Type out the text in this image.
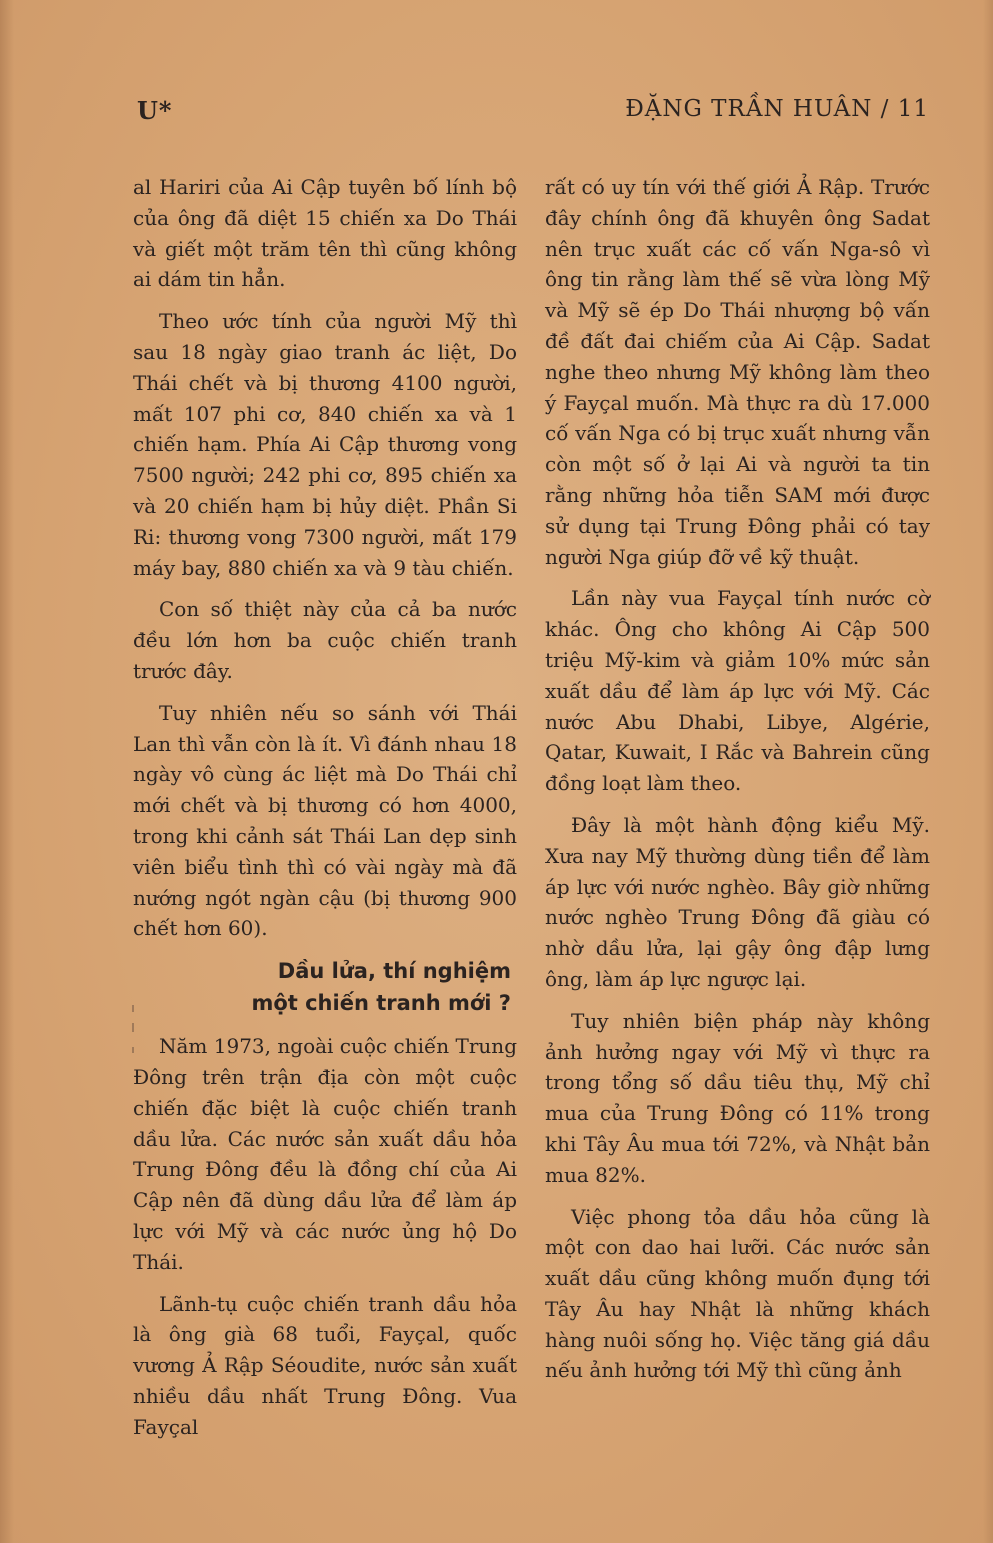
U*	ĐẶNG TRẦN HUÂN / 11

al Hariri của Ai Cập tuyên bố lính bộ của ông đã diệt 15 chiến xa Do Thái và giết một trăm tên thì cũng không ai dám tin hẳn.

Theo ước tính của người Mỹ thì sau 18 ngày giao tranh ác liệt, Do Thái chết và bị thương 4100 người, mất 107 phi cơ, 840 chiến xa và 1 chiến hạm. Phía Ai Cập thương vong 7500 người; 242 phi cơ, 895 chiến xa và 20 chiến hạm bị hủy diệt. Phần Si Ri: thương vong 7300 người, mất 179 máy bay, 880 chiến xa và 9 tàu chiến.

Con số thiệt này của cả ba nước đều lớn hơn ba cuộc chiến tranh trước đây.

Tuy nhiên nếu so sánh với Thái Lan thì vẫn còn là ít. Vì đánh nhau 18 ngày vô cùng ác liệt mà Do Thái chỉ mới chết và bị thương có hơn 4000, trong khi cảnh sát Thái Lan dẹp sinh viên biểu tình thì có vài ngày mà đã nướng ngót ngàn cậu (bị thương 900 chết hơn 60).

Dầu lửa, thí nghiệm
một chiến tranh mới ?

Năm 1973, ngoài cuộc chiến Trung Đông trên trận địa còn một cuộc chiến đặc biệt là cuộc chiến tranh dầu lửa. Các nước sản xuất dầu hỏa Trung Đông đều là đồng chí của Ai Cập nên đã dùng dầu lửa để làm áp lực với Mỹ và các nước ủng hộ Do Thái.

Lãnh-tụ cuộc chiến tranh dầu hỏa là ông già 68 tuổi, Fayçal, quốc vương Ả Rập Séoudite, nước sản xuất nhiều dầu nhất Trung Đông. Vua Fayçal

rất có uy tín với thế giới Ả Rập. Trước đây chính ông đã khuyên ông Sadat nên trục xuất các cố vấn Nga-sô vì ông tin rằng làm thế sẽ vừa lòng Mỹ và Mỹ sẽ ép Do Thái nhượng bộ vấn đề đất đai chiếm của Ai Cập. Sadat nghe theo nhưng Mỹ không làm theo ý Fayçal muốn. Mà thực ra dù 17.000 cố vấn Nga có bị trục xuất nhưng vẫn còn một số ở lại Ai và người ta tin rằng những hỏa tiễn SAM mới được sử dụng tại Trung Đông phải có tay người Nga giúp đỡ về kỹ thuật.

Lần này vua Fayçal tính nước cờ khác. Ông cho không Ai Cập 500 triệu Mỹ-kim và giảm 10% mức sản xuất dầu để làm áp lực với Mỹ. Các nước Abu Dhabi, Libye, Algérie, Qatar, Kuwait, I Rắc và Bahrein cũng đồng loạt làm theo.

Đây là một hành động kiểu Mỹ. Xưa nay Mỹ thường dùng tiền để làm áp lực với nước nghèo. Bây giờ những nước nghèo Trung Đông đã giàu có nhờ dầu lửa, lại gậy ông đập lưng ông, làm áp lực ngược lại.

Tuy nhiên biện pháp này không ảnh hưởng ngay với Mỹ vì thực ra trong tổng số dầu tiêu thụ, Mỹ chỉ mua của Trung Đông có 11% trong khi Tây Âu mua tới 72%, và Nhật bản mua 82%.

Việc phong tỏa dầu hỏa cũng là một con dao hai lưỡi. Các nước sản xuất dầu cũng không muốn đụng tới Tây Âu hay Nhật là những khách hàng nuôi sống họ. Việc tăng giá dầu nếu ảnh hưởng tới Mỹ thì cũng ảnh
